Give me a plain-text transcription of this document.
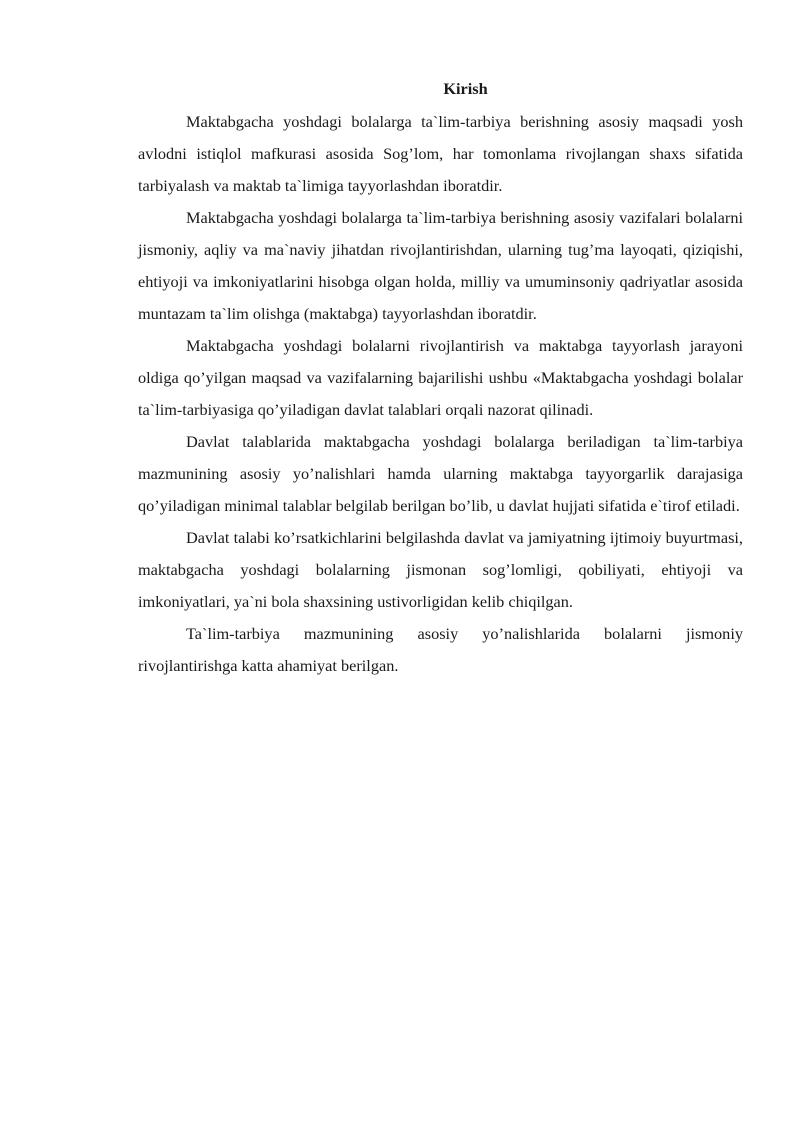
Kirish

Maktabgacha yoshdagi bolalarga ta`lim-tarbiya berishning asosiy maqsadi yosh avlodni istiqlol mafkurasi asosida Sog’lom, har tomonlama rivojlangan shaxs sifatida tarbiyalash va maktab ta`limiga tayyorlashdan iboratdir.

Maktabgacha yoshdagi bolalarga ta`lim-tarbiya berishning asosiy vazifalari bolalarni jismoniy, aqliy va ma`naviy jihatdan rivojlantirishdan, ularning tug’ma layoqati, qiziqishi, ehtiyoji va imkoniyatlarini hisobga olgan holda, milliy va umuminsoniy qadriyatlar asosida muntazam ta`lim olishga (maktabga) tayyorlashdan iboratdir.

Maktabgacha yoshdagi bolalarni rivojlantirish va maktabga tayyorlash jarayoni oldiga qo’yilgan maqsad va vazifalarning bajarilishi ushbu «Maktabgacha yoshdagi bolalar ta`lim-tarbiyasiga qo’yiladigan davlat talablari orqali nazorat qilinadi.

Davlat talablarida maktabgacha yoshdagi bolalarga beriladigan ta`lim-tarbiya mazmunining asosiy yo’nalishlari hamda ularning maktabga tayyorgarlik darajasiga qo’yiladigan minimal talablar belgilab berilgan bo’lib, u davlat hujjati sifatida e`tirof etiladi.

Davlat talabi ko’rsatkichlarini belgilashda davlat va jamiyatning ijtimoiy buyurtmasi, maktabgacha yoshdagi bolalarning jismonan sog’lomligi, qobiliyati, ehtiyoji va imkoniyatlari, ya`ni bola shaxsining ustivorligidan kelib chiqilgan.

Ta`lim-tarbiya mazmunining asosiy yo’nalishlarida bolalarni jismoniy rivojlantirishga katta ahamiyat berilgan.
